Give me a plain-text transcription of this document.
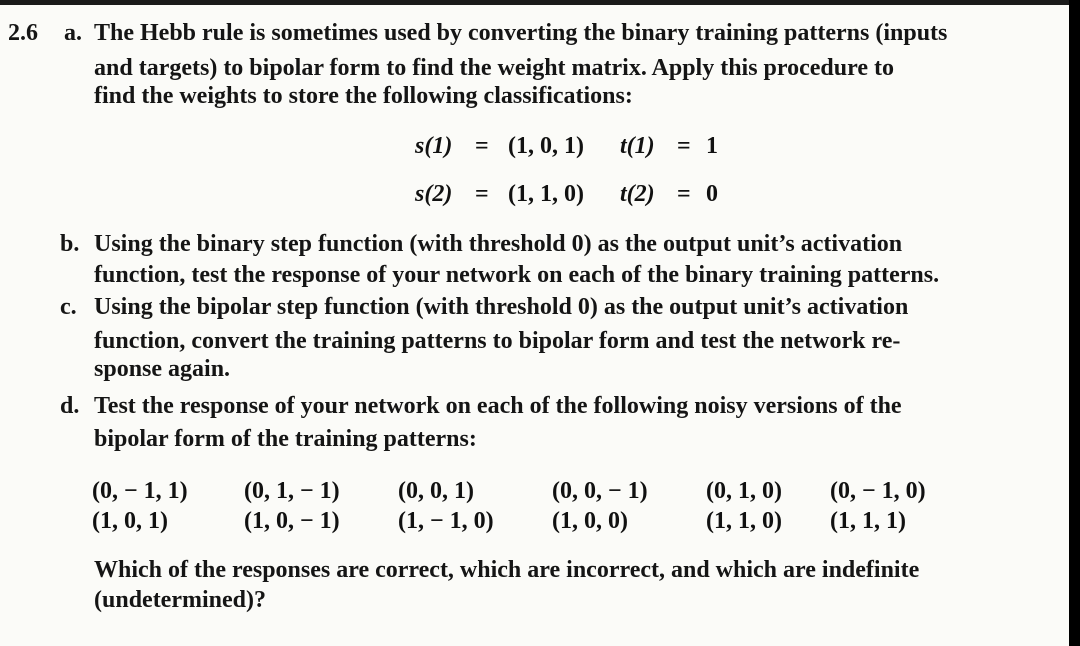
2.6 a. The Hebb rule is sometimes used by converting the binary training patterns (inputs
and targets) to bipolar form to find the weight matrix. Apply this procedure to
find the weights to store the following classifications:
s(1) = (1, 0, 1) t(1) = 1
s(2) = (1, 1, 0) t(2) = 0
b. Using the binary step function (with threshold 0) as the output unit’s activation
function, test the response of your network on each of the binary training patterns.
c. Using the bipolar step function (with threshold 0) as the output unit’s activation
function, convert the training patterns to bipolar form and test the network re-
sponse again.
d. Test the response of your network on each of the following noisy versions of the
bipolar form of the training patterns:
(0, − 1, 1) (0, 1, − 1) (0, 0, 1)	(0, 0, − 1) (0, 1, 0) (0, − 1, 0)
(1, 0, 1)	(1, 0, − 1) (1, − 1, 0) (1, 0, 0)	(1, 1, 0) (1, 1, 1)
Which of the responses are correct, which are incorrect, and which are indefinite
(undetermined)?
